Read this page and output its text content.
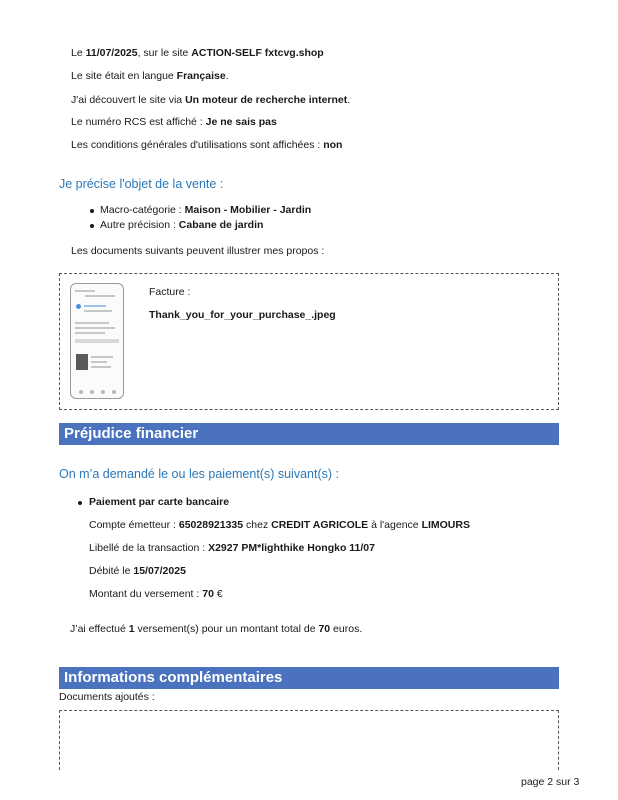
Le 11/07/2025, sur le site ACTION-SELF fxtcvg.shop
Le site était en langue Française.
J'ai découvert le site via Un moteur de recherche internet.
Le numéro RCS est affiché : Je ne sais pas
Les conditions générales d'utilisations sont affichées : non
Je précise l'objet de la vente :
Macro-catégorie : Maison - Mobilier - Jardin
Autre précision : Cabane de jardin
Les documents suivants peuvent illustrer mes propos :
Facture :
Thank_you_for_your_purchase_.jpeg
Préjudice financier
On m’a demandé le ou les paiement(s) suivant(s) :
Paiement par carte bancaire
Compte émetteur : 65028921335 chez CREDIT AGRICOLE à l'agence LIMOURS
Libellé de la transaction : X2927 PM*lighthike Hongko 11/07
Débité le 15/07/2025
Montant du versement : 70 €
J’ai effectué 1 versement(s) pour un montant total de 70 euros.
Informations complémentaires
Documents ajoutés :
page 2 sur 3
